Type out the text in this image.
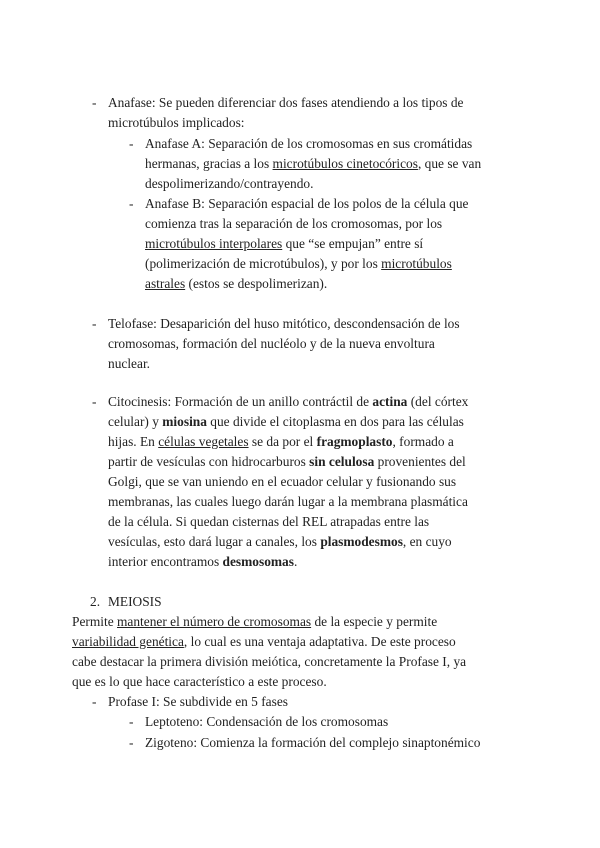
- Anafase: Se pueden diferenciar dos fases atendiendo a los tipos de
microtúbulos implicados:
- Anafase A: Separación de los cromosomas en sus cromátidas
hermanas, gracias a los microtúbulos cinetocóricos, que se van
despolimerizando/contrayendo.
- Anafase B: Separación espacial de los polos de la célula que
comienza tras la separación de los cromosomas, por los
microtúbulos interpolares que “se empujan” entre sí
(polimerización de microtúbulos), y por los microtúbulos
astrales (estos se despolimerizan).
- Telofase: Desaparición del huso mitótico, descondensación de los
cromosomas, formación del nucléolo y de la nueva envoltura
nuclear.
- Citocinesis: Formación de un anillo contráctil de actina (del córtex
celular) y miosina que divide el citoplasma en dos para las células
hijas. En células vegetales se da por el fragmoplasto, formado a
partir de vesículas con hidrocarburos sin celulosa provenientes del
Golgi, que se van uniendo en el ecuador celular y fusionando sus
membranas, las cuales luego darán lugar a la membrana plasmática
de la célula. Si quedan cisternas del REL atrapadas entre las
vesículas, esto dará lugar a canales, los plasmodesmos, en cuyo
interior encontramos desmosomas.
2. MEIOSIS
Permite mantener el número de cromosomas de la especie y permite
variabilidad genética, lo cual es una ventaja adaptativa. De este proceso
cabe destacar la primera división meiótica, concretamente la Profase I, ya
que es lo que hace característico a este proceso.
- Profase I: Se subdivide en 5 fases
- Leptoteno: Condensación de los cromosomas
- Zigoteno: Comienza la formación del complejo sinaptonémico
